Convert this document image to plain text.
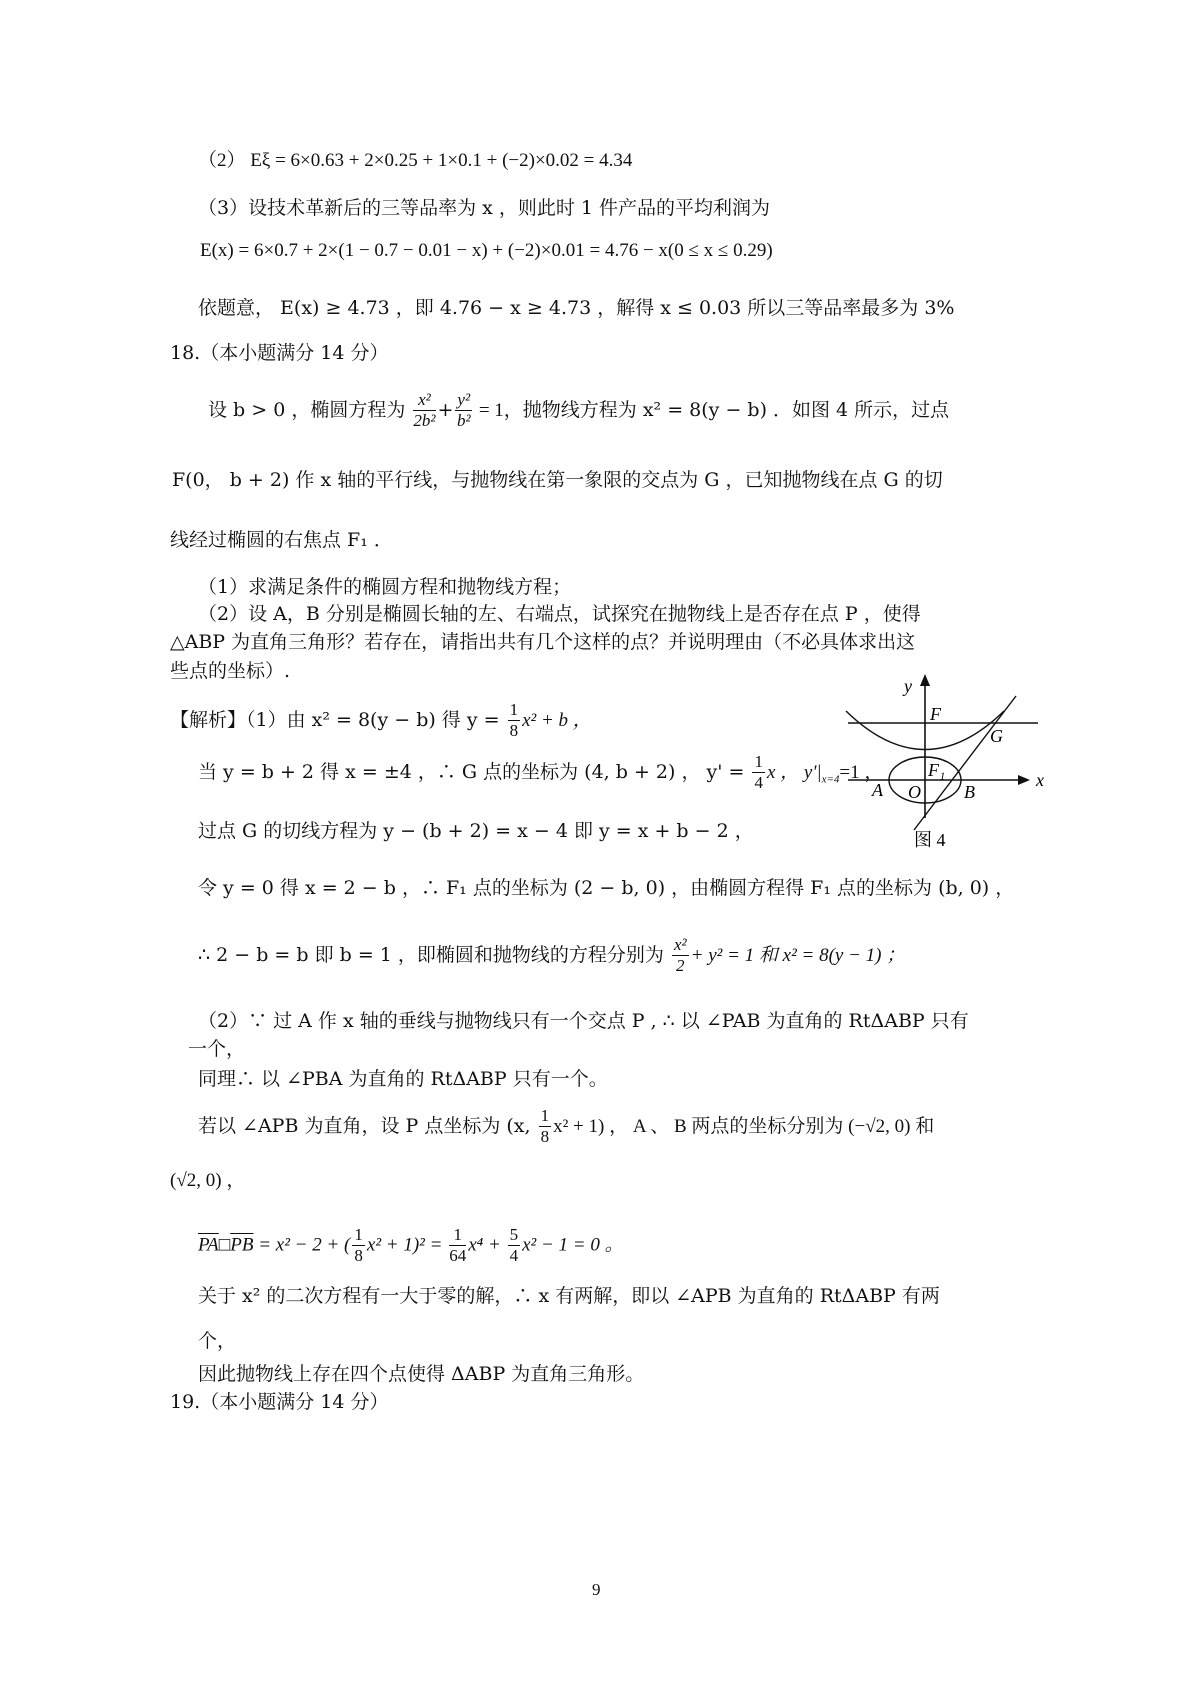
（2） Eξ = 6×0.63 + 2×0.25 + 1×0.1 + (−2)×0.02 = 4.34
（3）设技术革新后的三等品率为 x ，则此时 1 件产品的平均利润为
E(x) = 6×0.7 + 2×(1 − 0.7 − 0.01 − x) + (−2)×0.01 = 4.76 − x(0 ≤ x ≤ 0.29)
依题意， E(x) ≥ 4.73 ，即 4.76 − x ≥ 4.73 ，解得 x ≤ 0.03 所以三等品率最多为 3%
18.（本小题满分 14 分）
设 b > 0 ，椭圆方程为 $\frac{\text{x²}}{\text{2b²}} + \frac{\text{y²}}{\text{b²}} = 1$，抛物线方程为 x² = 8(y − b) ．如图 4 所示，过点
F(0， b + 2) 作 x 轴的平行线，与抛物线在第一象限的交点为 G ，已知抛物线在点 G 的切
线经过椭圆的右焦点 F₁ ．
（1）求满足条件的椭圆方程和抛物线方程；
（2）设 A，B 分别是椭圆长轴的左、右端点，试探究在抛物线上是否存在点 P ，使得
△ABP 为直角三角形？若存在，请指出共有几个这样的点？并说明理由（不必具体求出这
些点的坐标）.
【解析】（1）由 x² = 8(y − b) 得 $y = \frac{1}{8} x^2 + b$ ，
当 y = b + 2 得 x = ±4 ，∴ G 点的坐标为 (4, b + 2) ， $y' = \frac{1}{4}$ x ， $y'|_{x=4}=1$ ，
过点 G 的切线方程为 y − (b + 2) = x − 4 即 y = x + b − 2 ，
令 y = 0 得 x = 2 − b ，∴ F₁ 点的坐标为 (2 − b, 0) ，由椭圆方程得 F₁ 点的坐标为 (b, 0) ，
∴ 2 − b = b 即 b = 1 ，即椭圆和抛物线的方程分别为 $\frac{\text{x²}}{2} + y^2 = 1$ 和 x² = 8(y − 1) ；
（2）∵ 过 A 作 x 轴的垂线与抛物线只有一个交点 P , ∴ 以 ∠PAB 为直角的 RtΔABP 只有
一个，
同理∴ 以 ∠PBA 为直角的 RtΔABP 只有一个。
若以 ∠APB 为直角，设 P 点坐标为 (x, $\frac{1}{8} x^2 + 1$) ， A 、 B 两点的坐标分别为 (−√2, 0) 和
(√2, 0) ，
$\overline{PA}□\overline{PB} = x^2 - 2$ + ( $\frac{1}{8} x^2 + 1)^2 = \frac{1}{64} x^4 + \frac{5}{4} x^2 - 1 = 0$ 。
关于 x² 的二次方程有一大于零的解，∴ x 有两解，即以 ∠APB 为直角的 RtΔABP 有两
个，
因此抛物线上存在四个点使得 ΔABP 为直角三角形。
19.（本小题满分 14 分）
9
y
x
F
G
F₁
A O B
图 4
